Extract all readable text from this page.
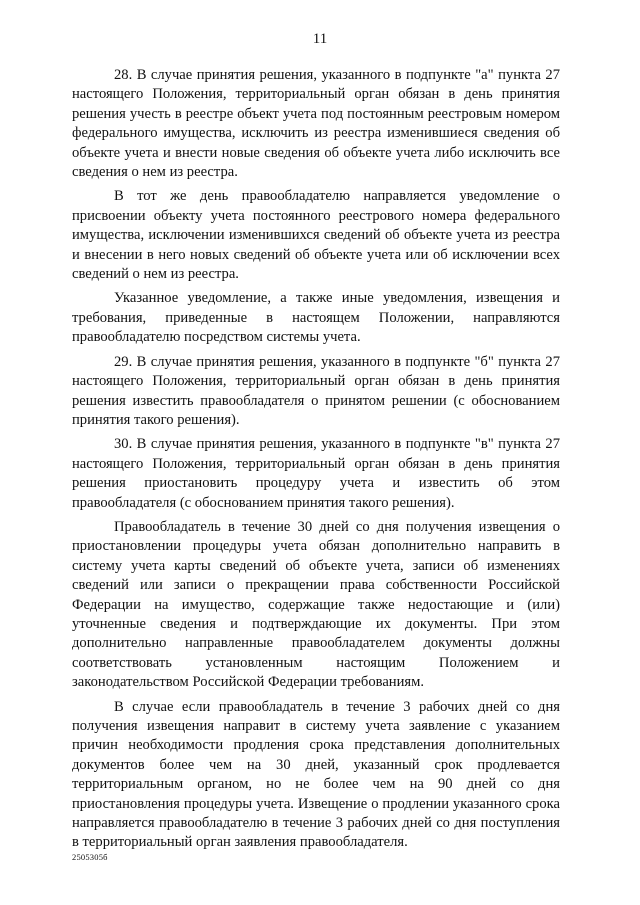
11

28. В случае принятия решения, указанного в подпункте "а" пункта 27 настоящего Положения, территориальный орган обязан в день принятия решения учесть в реестре объект учета под постоянным реестровым номером федерального имущества, исключить из реестра изменившиеся сведения об объекте учета и внести новые сведения об объекте учета либо исключить все сведения о нем из реестра.

В тот же день правообладателю направляется уведомление о присвоении объекту учета постоянного реестрового номера федерального имущества, исключении изменившихся сведений об объекте учета из реестра и внесении в него новых сведений об объекте учета или об исключении всех сведений о нем из реестра.

Указанное уведомление, а также иные уведомления, извещения и требования, приведенные в настоящем Положении, направляются правообладателю посредством системы учета.

29. В случае принятия решения, указанного в подпункте "б" пункта 27 настоящего Положения, территориальный орган обязан в день принятия решения известить правообладателя о принятом решении (с обоснованием принятия такого решения).

30. В случае принятия решения, указанного в подпункте "в" пункта 27 настоящего Положения, территориальный орган обязан в день принятия решения приостановить процедуру учета и известить об этом правообладателя (с обоснованием принятия такого решения).

Правообладатель в течение 30 дней со дня получения извещения о приостановлении процедуры учета обязан дополнительно направить в систему учета карты сведений об объекте учета, записи об изменениях сведений или записи о прекращении права собственности Российской Федерации на имущество, содержащие также недостающие и (или) уточненные сведения и подтверждающие их документы. При этом дополнительно направленные правообладателем документы должны соответствовать установленным настоящим Положением и законодательством Российской Федерации требованиям.

В случае если правообладатель в течение 3 рабочих дней со дня получения извещения направит в систему учета заявление с указанием причин необходимости продления срока представления дополнительных документов более чем на 30 дней, указанный срок продлевается территориальным органом, но не более чем на 90 дней со дня приостановления процедуры учета. Извещение о продлении указанного срока направляется правообладателю в течение 3 рабочих дней со дня поступления в территориальный орган заявления правообладателя.

2505305б
